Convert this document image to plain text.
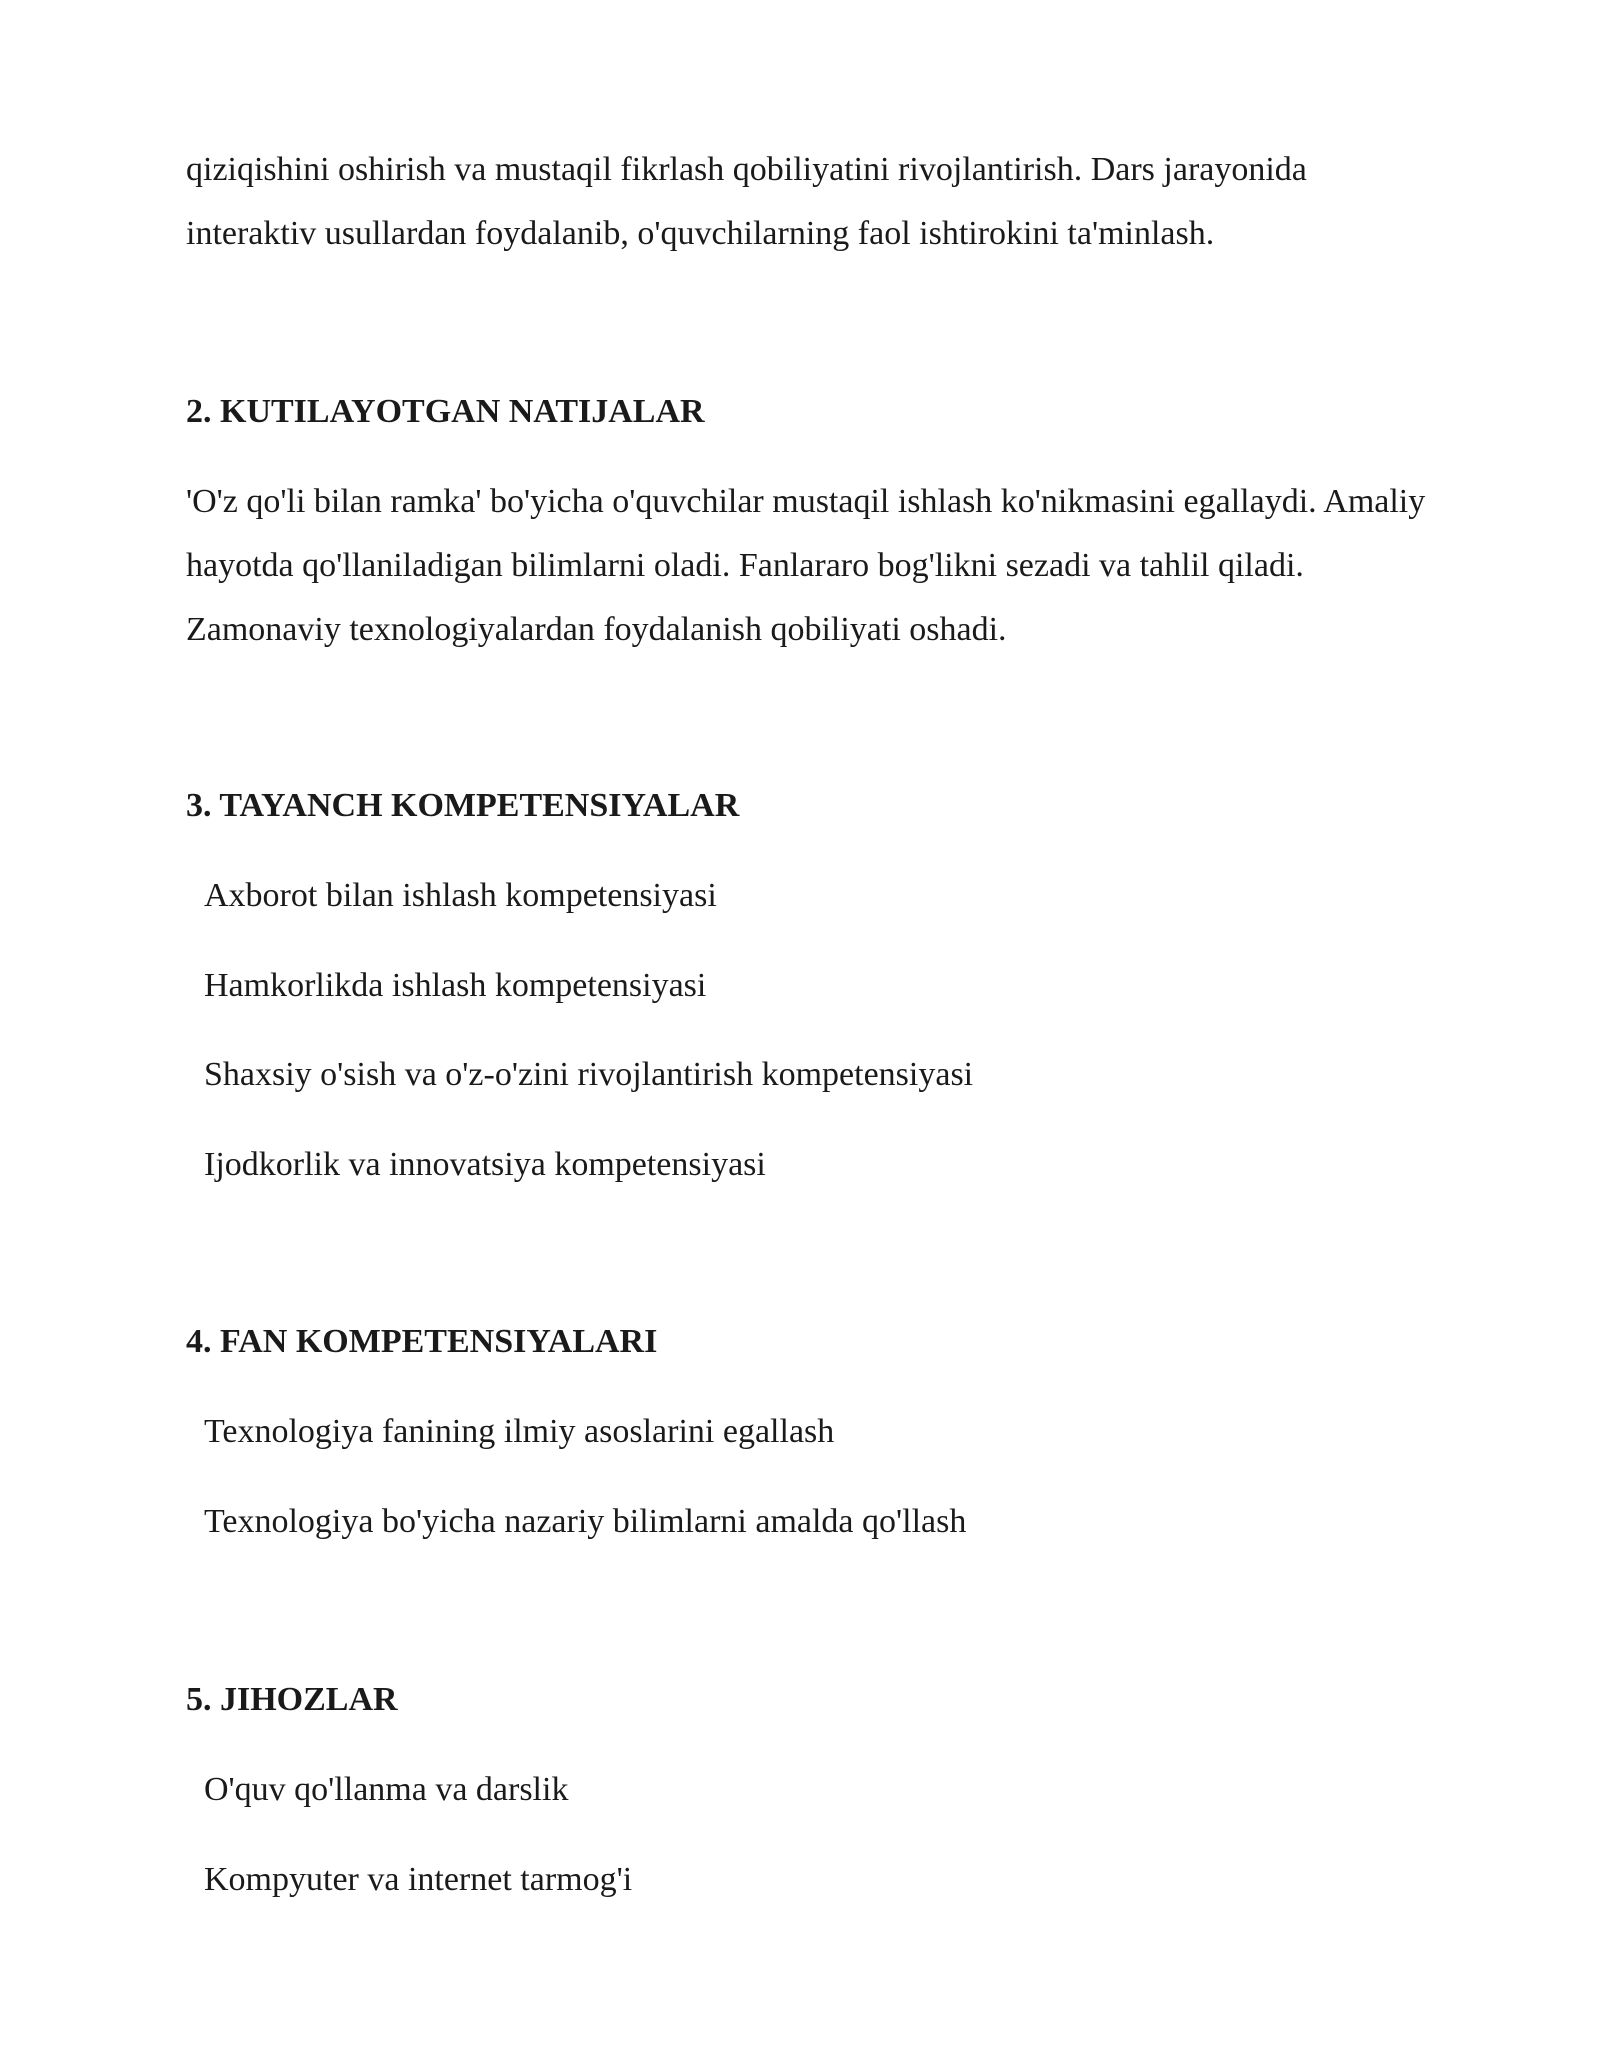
qiziqishini oshirish va mustaqil fikrlash qobiliyatini rivojlantirish. Dars jarayonida interaktiv usullardan foydalanib, o'quvchilarning faol ishtirokini ta'minlash.

2. KUTILAYOTGAN NATIJALAR

'O'z qo'li bilan ramka' bo'yicha o'quvchilar mustaqil ishlash ko'nikmasini egallaydi. Amaliy hayotda qo'llaniladigan bilimlarni oladi. Fanlararo bog'likni sezadi va tahlil qiladi. Zamonaviy texnologiyalardan foydalanish qobiliyati oshadi.

3. TAYANCH KOMPETENSIYALAR

Axborot bilan ishlash kompetensiyasi

Hamkorlikda ishlash kompetensiyasi

Shaxsiy o'sish va o'z-o'zini rivojlantirish kompetensiyasi

Ijodkorlik va innovatsiya kompetensiyasi

4. FAN KOMPETENSIYALARI

Texnologiya fanining ilmiy asoslarini egallash

Texnologiya bo'yicha nazariy bilimlarni amalda qo'llash

5. JIHOZLAR

O'quv qo'llanma va darslik

Kompyuter va internet tarmog'i
